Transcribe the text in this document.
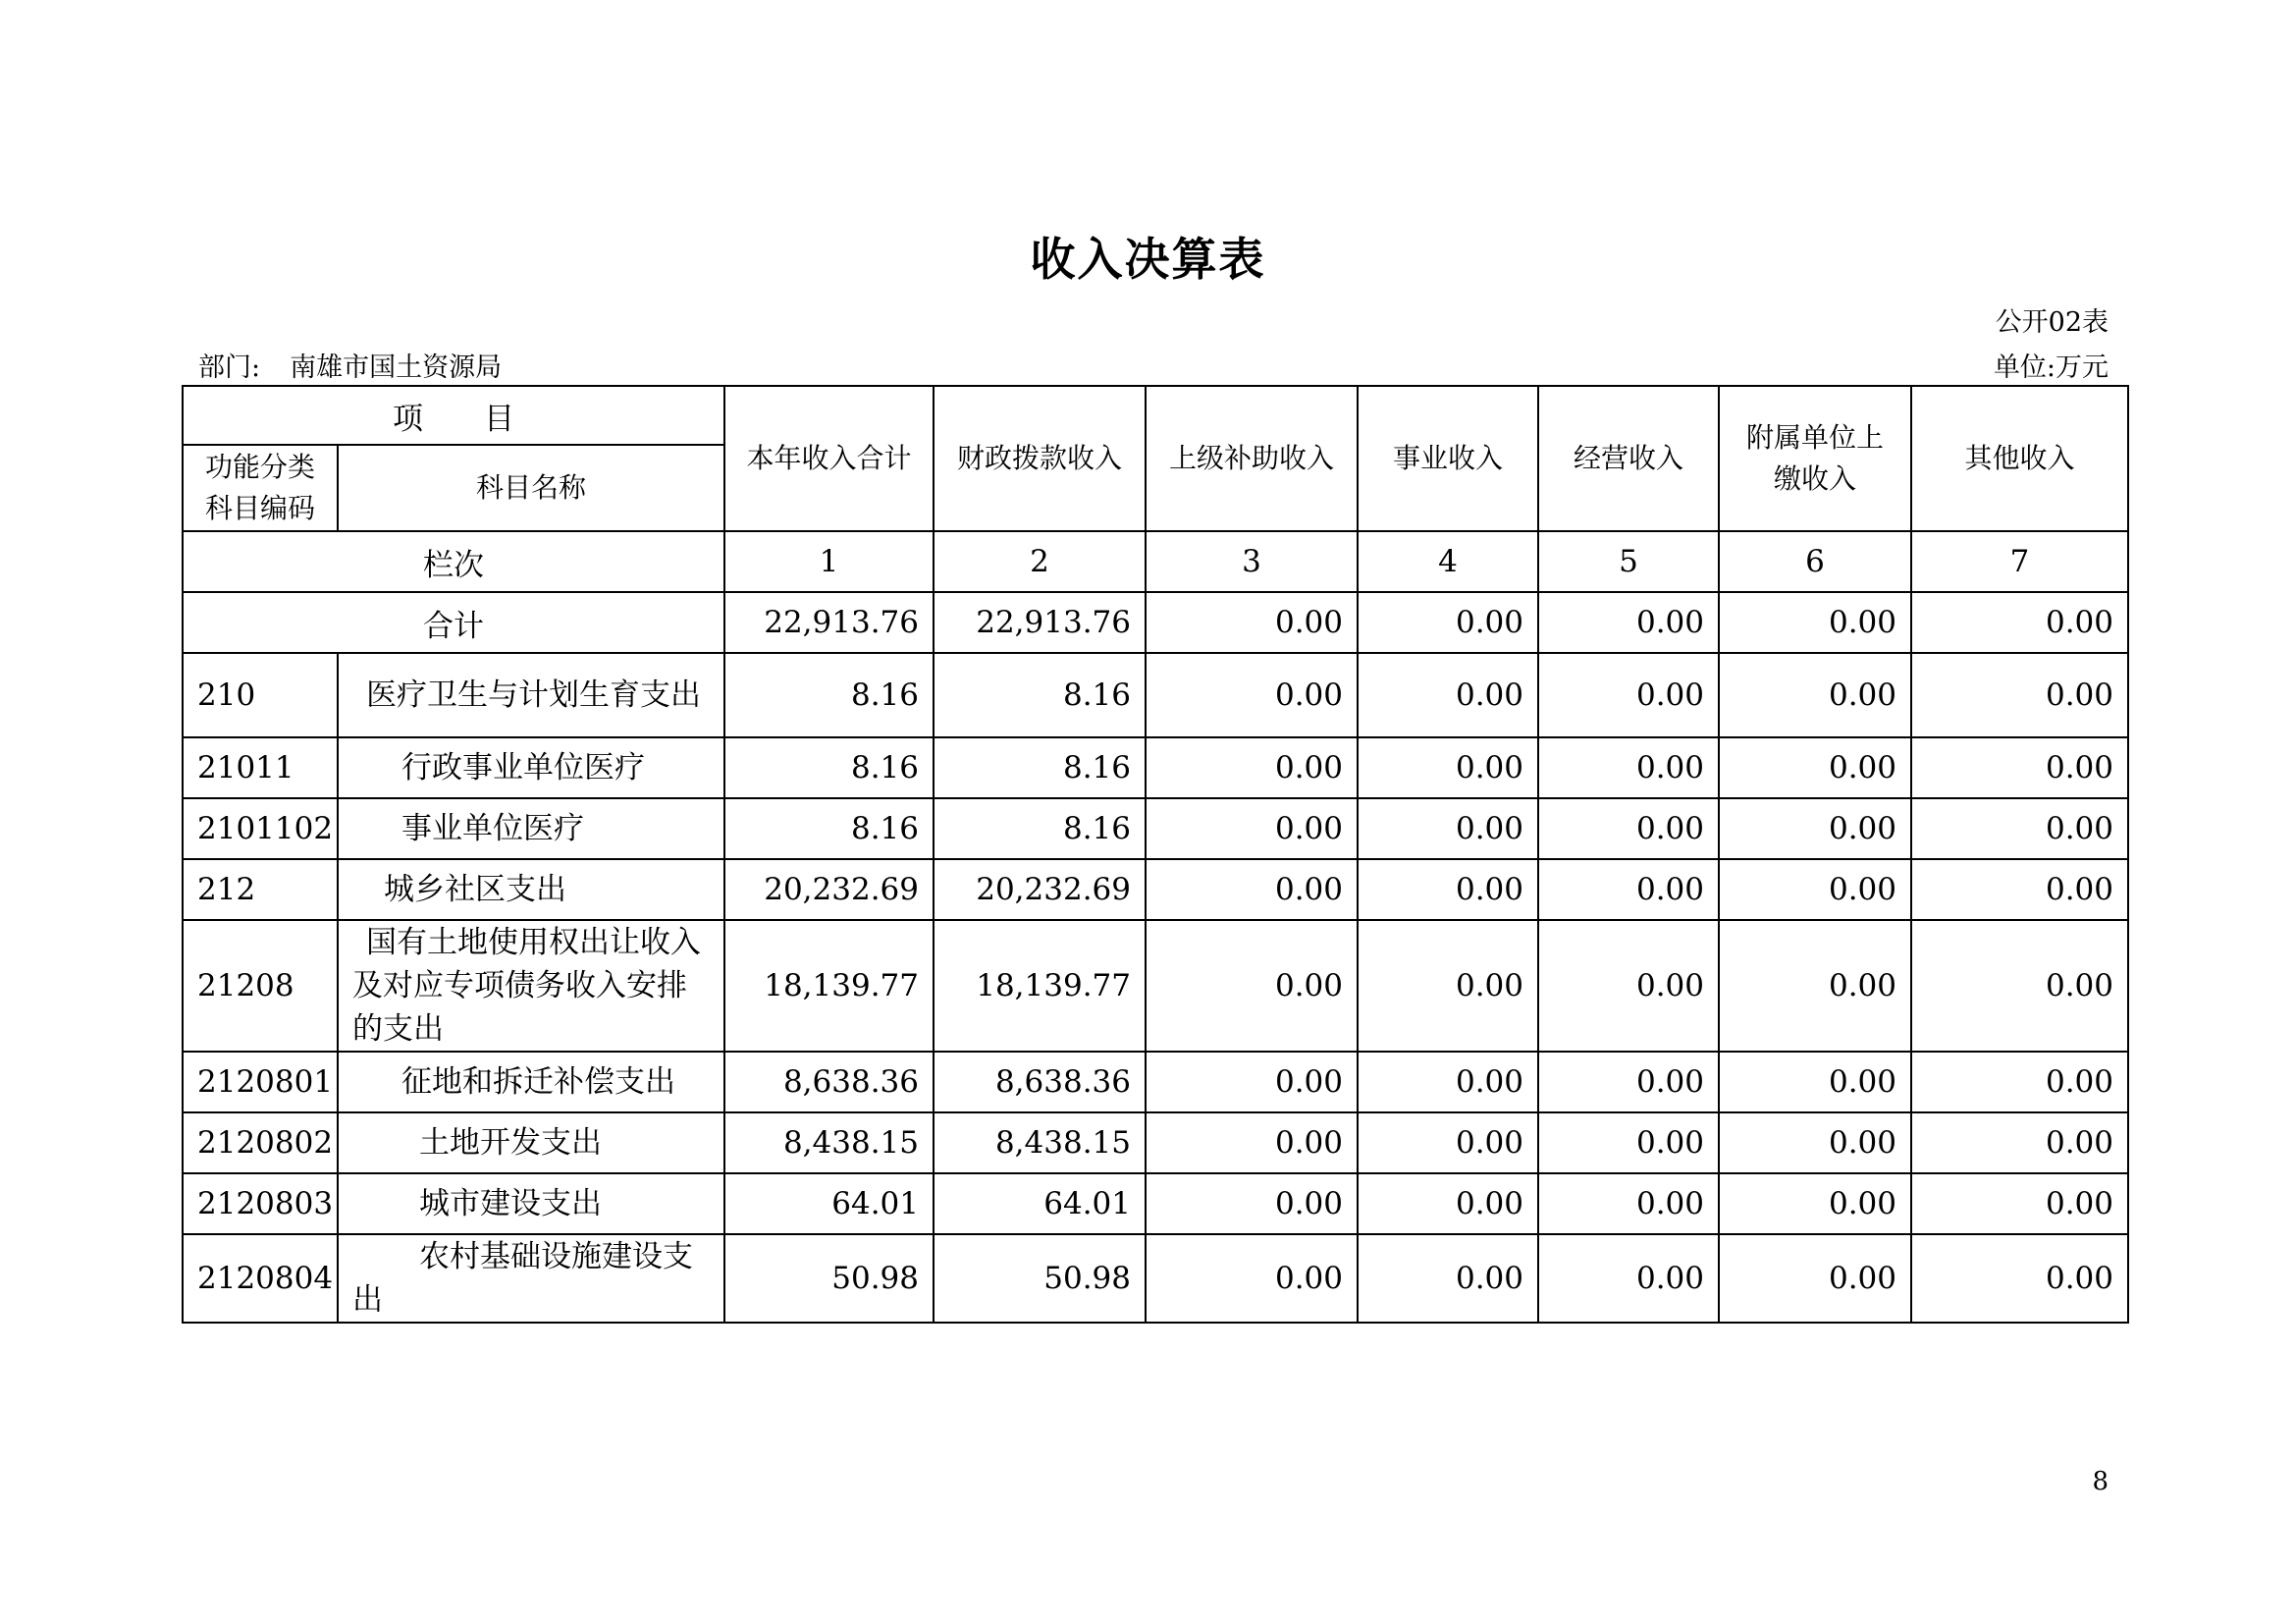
收入决算表
公开02表
部门: 南雄市国土资源局	单位:万元
项　　目		本年收入合计	财政拨款收入	上级补助收入	事业收入	经营收入	附属单位上缴收入	其他收入
功能分类科目编码	科目名称							
栏次		1	2	3	4	5	6	7
合计		22,913.76	22,913.76	0.00	0.00	0.00	0.00	0.00
210	医疗卫生与计划生育支出	8.16	8.16	0.00	0.00	0.00	0.00	0.00
21011	行政事业单位医疗	8.16	8.16	0.00	0.00	0.00	0.00	0.00
2101102	事业单位医疗	8.16	8.16	0.00	0.00	0.00	0.00	0.00
212	城乡社区支出	20,232.69	20,232.69	0.00	0.00	0.00	0.00	0.00
21208	国有土地使用权出让收入及对应专项债务收入安排的支出	18,139.77	18,139.77	0.00	0.00	0.00	0.00	0.00
2120801	征地和拆迁补偿支出	8,638.36	8,638.36	0.00	0.00	0.00	0.00	0.00
2120802	土地开发支出	8,438.15	8,438.15	0.00	0.00	0.00	0.00	0.00
2120803	城市建设支出	64.01	64.01	0.00	0.00	0.00	0.00	0.00
2120804	农村基础设施建设支出	50.98	50.98	0.00	0.00	0.00	0.00	0.00
8
